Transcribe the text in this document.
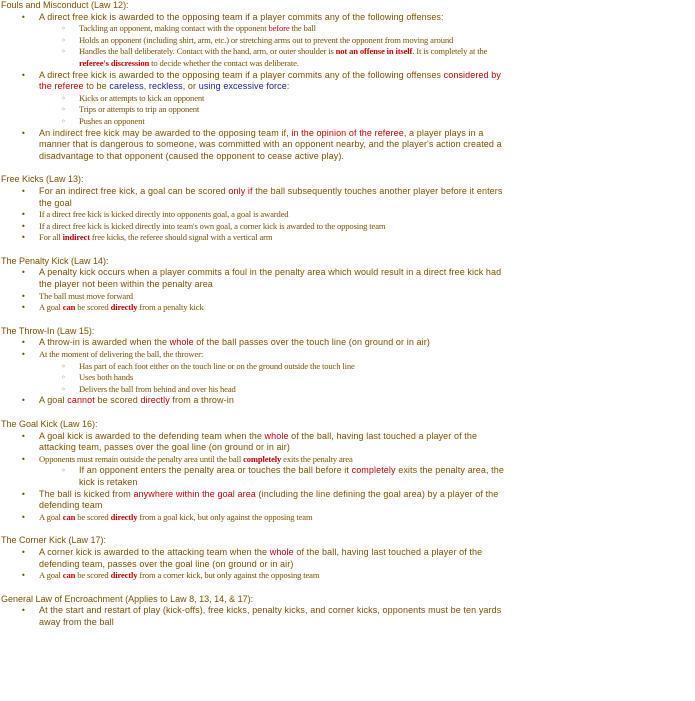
Fouls and Misconduct (Law 12):
• A direct free kick is awarded to the opposing team if a player commits any of the following offenses:
◦ Tackling an opponent, making contact with the opponent before the ball
◦ Holds an opponent (including shirt, arm, etc.) or stretching arms out to prevent the opponent from moving around
◦ Handles the ball deliberately. Contact with the hand, arm, or outer shoulder is not an offense in itself. It is completely at the referee's discression to decide whether the contact was deliberate.
• A direct free kick is awarded to the opposing team if a player commits any of the following offenses considered by the referee to be careless, reckless, or using excessive force:
◦ Kicks or attempts to kick an opponent
◦ Trips or attempts to trip an opponent
◦ Pushes an opponent
• An indirect free kick may be awarded to the opposing team if, in the opinion of the referee, a player plays in a manner that is dangerous to someone, was committed with an opponent nearby, and the player's action created a disadvantage to that opponent (caused the opponent to cease active play).
Free Kicks (Law 13):
• For an indirect free kick, a goal can be scored only if the ball subsequently touches another player before it enters the goal
• If a direct free kick is kicked directly into opponents goal, a goal is awarded
• If a direct free kick is kicked directly into team's own goal, a corner kick is awarded to the opposing team
• For all indirect free kicks, the referee should signal with a vertical arm
The Penalty Kick (Law 14):
• A penalty kick occurs when a player commits a foul in the penalty area which would result in a direct free kick had the player not been within the penalty area
• The ball must move forward
• A goal can be scored directly from a penalty kick
The Throw-In (Law 15):
• A throw-in is awarded when the whole of the ball passes over the touch line (on ground or in air)
• At the moment of delivering the ball, the thrower:
◦ Has part of each foot either on the touch line or on the ground outside the touch line
◦ Uses both hands
◦ Delivers the ball from behind and over his head
• A goal cannot be scored directly from a throw-in
The Goal Kick (Law 16):
• A goal kick is awarded to the defending team when the whole of the ball, having last touched a player of the attacking team, passes over the goal line (on ground or in air)
• Opponents must remain outside the penalty area until the ball completely exits the penalty area
◦ If an opponent enters the penalty area or touches the ball before it completely exits the penalty area, the kick is retaken
• The ball is kicked from anywhere within the goal area (including the line defining the goal area) by a player of the defending team
• A goal can be scored directly from a goal kick, but only against the opposing team
The Corner Kick (Law 17):
• A corner kick is awarded to the attacking team when the whole of the ball, having last touched a player of the defending team, passes over the goal line (on ground or in air)
• A goal can be scored directly from a corner kick, but only against the opposing team
General Law of Encroachment (Applies to Law 8, 13, 14, & 17):
• At the start and restart of play (kick-offs), free kicks, penalty kicks, and corner kicks, opponents must be ten yards away from the ball
